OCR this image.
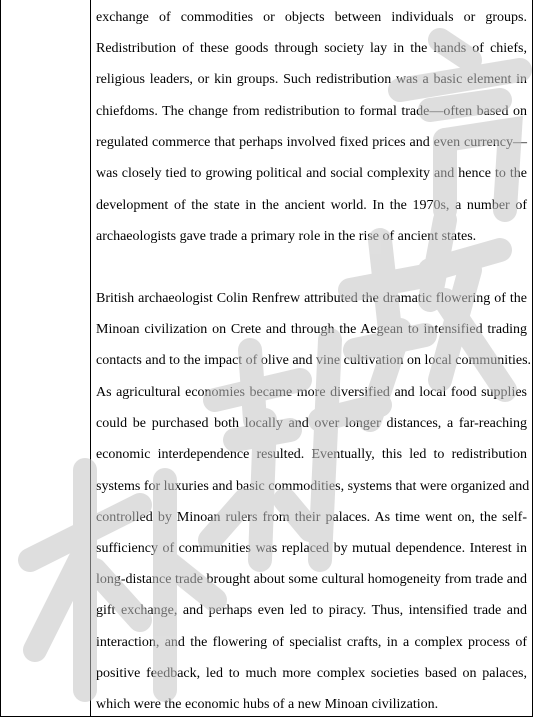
exchange of commodities or objects between individuals or groups.
Redistribution of these goods through society lay in the hands of chiefs,
religious leaders, or kin groups. Such redistribution was a basic element in
chiefdoms. The change from redistribution to formal trade—often based on
regulated commerce that perhaps involved fixed prices and even currency—
was closely tied to growing political and social complexity and hence to the
development of the state in the ancient world. In the 1970s, a number of
archaeologists gave trade a primary role in the rise of ancient states.
British archaeologist Colin Renfrew attributed the dramatic flowering of the
Minoan civilization on Crete and through the Aegean to intensified trading
contacts and to the impact of olive and vine cultivation on local communities.
As agricultural economies became more diversified and local food supplies
could be purchased both locally and over longer distances, a far-reaching
economic interdependence resulted. Eventually, this led to redistribution
systems for luxuries and basic commodities, systems that were organized and
controlled by Minoan rulers from their palaces. As time went on, the self-
sufficiency of communities was replaced by mutual dependence. Interest in
long-distance trade brought about some cultural homogeneity from trade and
gift exchange, and perhaps even led to piracy. Thus, intensified trade and
interaction, and the flowering of specialist crafts, in a complex process of
positive feedback, led to much more complex societies based on palaces,
which were the economic hubs of a new Minoan civilization.
